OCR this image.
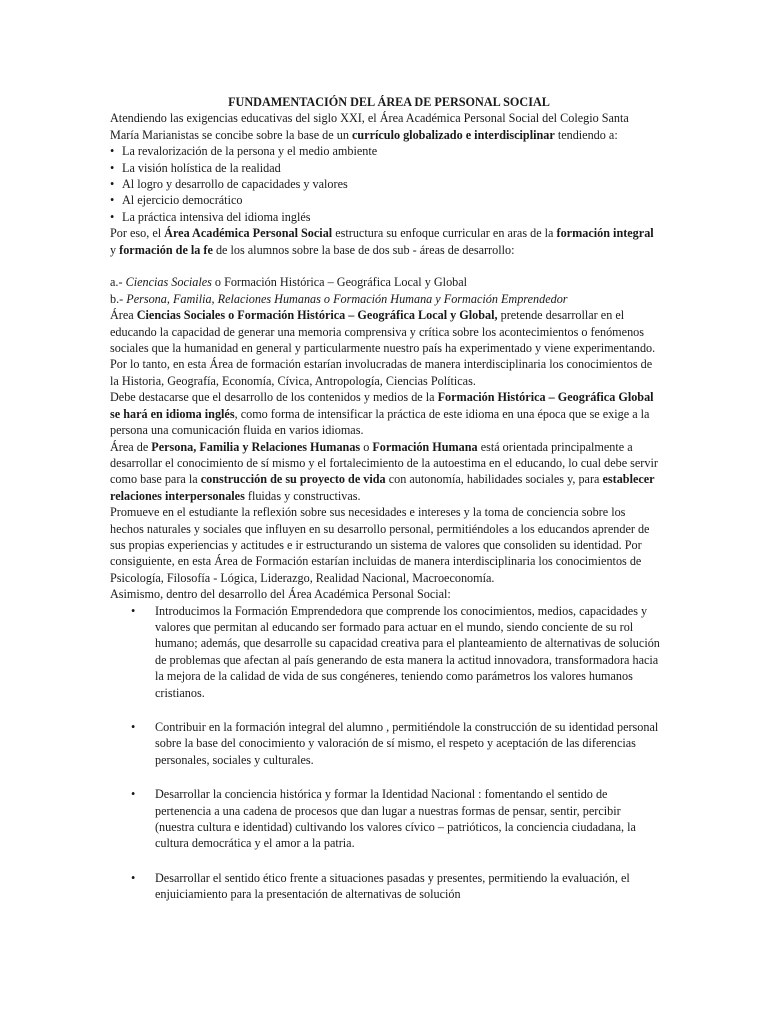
FUNDAMENTACIÓN DEL ÁREA DE PERSONAL SOCIAL

Atendiendo las exigencias educativas del siglo XXI, el Área Académica Personal Social del Colegio Santa María Marianistas se concibe sobre la base de un currículo globalizado e interdisciplinar tendiendo a:

• La revalorización de la persona y el medio ambiente
• La visión holística de la realidad
• Al logro y desarrollo de capacidades y valores
• Al ejercicio democrático
• La práctica intensiva del idioma inglés

Por eso, el Área Académica Personal Social estructura su enfoque curricular en aras de la formación integral y formación de la fe de los alumnos sobre la base de dos sub - áreas de desarrollo:

a.- Ciencias Sociales o Formación Histórica – Geográfica Local y Global

b.- Persona, Familia, Relaciones Humanas o Formación Humana y Formación Emprendedor

Área Ciencias Sociales o Formación Histórica – Geográfica Local y Global, pretende desarrollar en el educando la capacidad de generar una memoria comprensiva y crítica sobre los acontecimientos o fenómenos sociales que la humanidad en general y particularmente nuestro país ha experimentado y viene experimentando.

Por lo tanto, en esta Área de formación estarían involucradas de manera interdisciplinaria los conocimientos de la Historia, Geografía, Economía, Cívica, Antropología, Ciencias Políticas.

Debe destacarse que el desarrollo de los contenidos y medios de la Formación Histórica – Geográfica Global se hará en idioma inglés, como forma de intensificar la práctica de este idioma en una época que se exige a la persona una comunicación fluida en varios idiomas.

Área de Persona, Familia y Relaciones Humanas o Formación Humana está orientada principalmente a desarrollar el conocimiento de sí mismo y el fortalecimiento de la autoestima en el educando, lo cual debe servir como base para la construcción de su proyecto de vida con autonomía, habilidades sociales y, para establecer relaciones interpersonales fluidas y constructivas.

Promueve en el estudiante la reflexión sobre sus necesidades e intereses y la toma de conciencia sobre los hechos naturales y sociales que influyen en su desarrollo personal, permitiéndoles a los educandos aprender de sus propias experiencias y actitudes e ir estructurando un sistema de valores que consoliden su identidad. Por consiguiente, en esta Área de Formación estarían incluidas de manera interdisciplinaria los conocimientos de Psicología, Filosofía - Lógica, Liderazgo, Realidad Nacional, Macroeconomía.

Asimismo, dentro del desarrollo del Área Académica Personal Social:

• Introducimos la Formación Emprendedora que comprende los conocimientos, medios, capacidades y valores que permitan al educando ser formado para actuar en el mundo, siendo conciente de su rol humano; además, que desarrolle su capacidad creativa para el planteamiento de alternativas de solución de problemas que afectan al país generando de esta manera la actitud innovadora, transformadora hacia la mejora de la calidad de vida de sus congéneres, teniendo como parámetros los valores humanos cristianos.
• Contribuir en la formación integral del alumno , permitiéndole la construcción de su identidad personal sobre la base del conocimiento y valoración de sí mismo, el respeto y aceptación de las diferencias personales, sociales y culturales.
• Desarrollar la conciencia histórica y formar la Identidad Nacional : fomentando el sentido de pertenencia a una cadena de procesos que dan lugar a nuestras formas de pensar, sentir, percibir (nuestra cultura e identidad) cultivando los valores cívico – patrióticos, la conciencia ciudadana, la cultura democrática y el amor a la patria.
• Desarrollar el sentido ético frente a situaciones pasadas y presentes, permitiendo la evaluación, el enjuiciamiento para la presentación de alternativas de solución
